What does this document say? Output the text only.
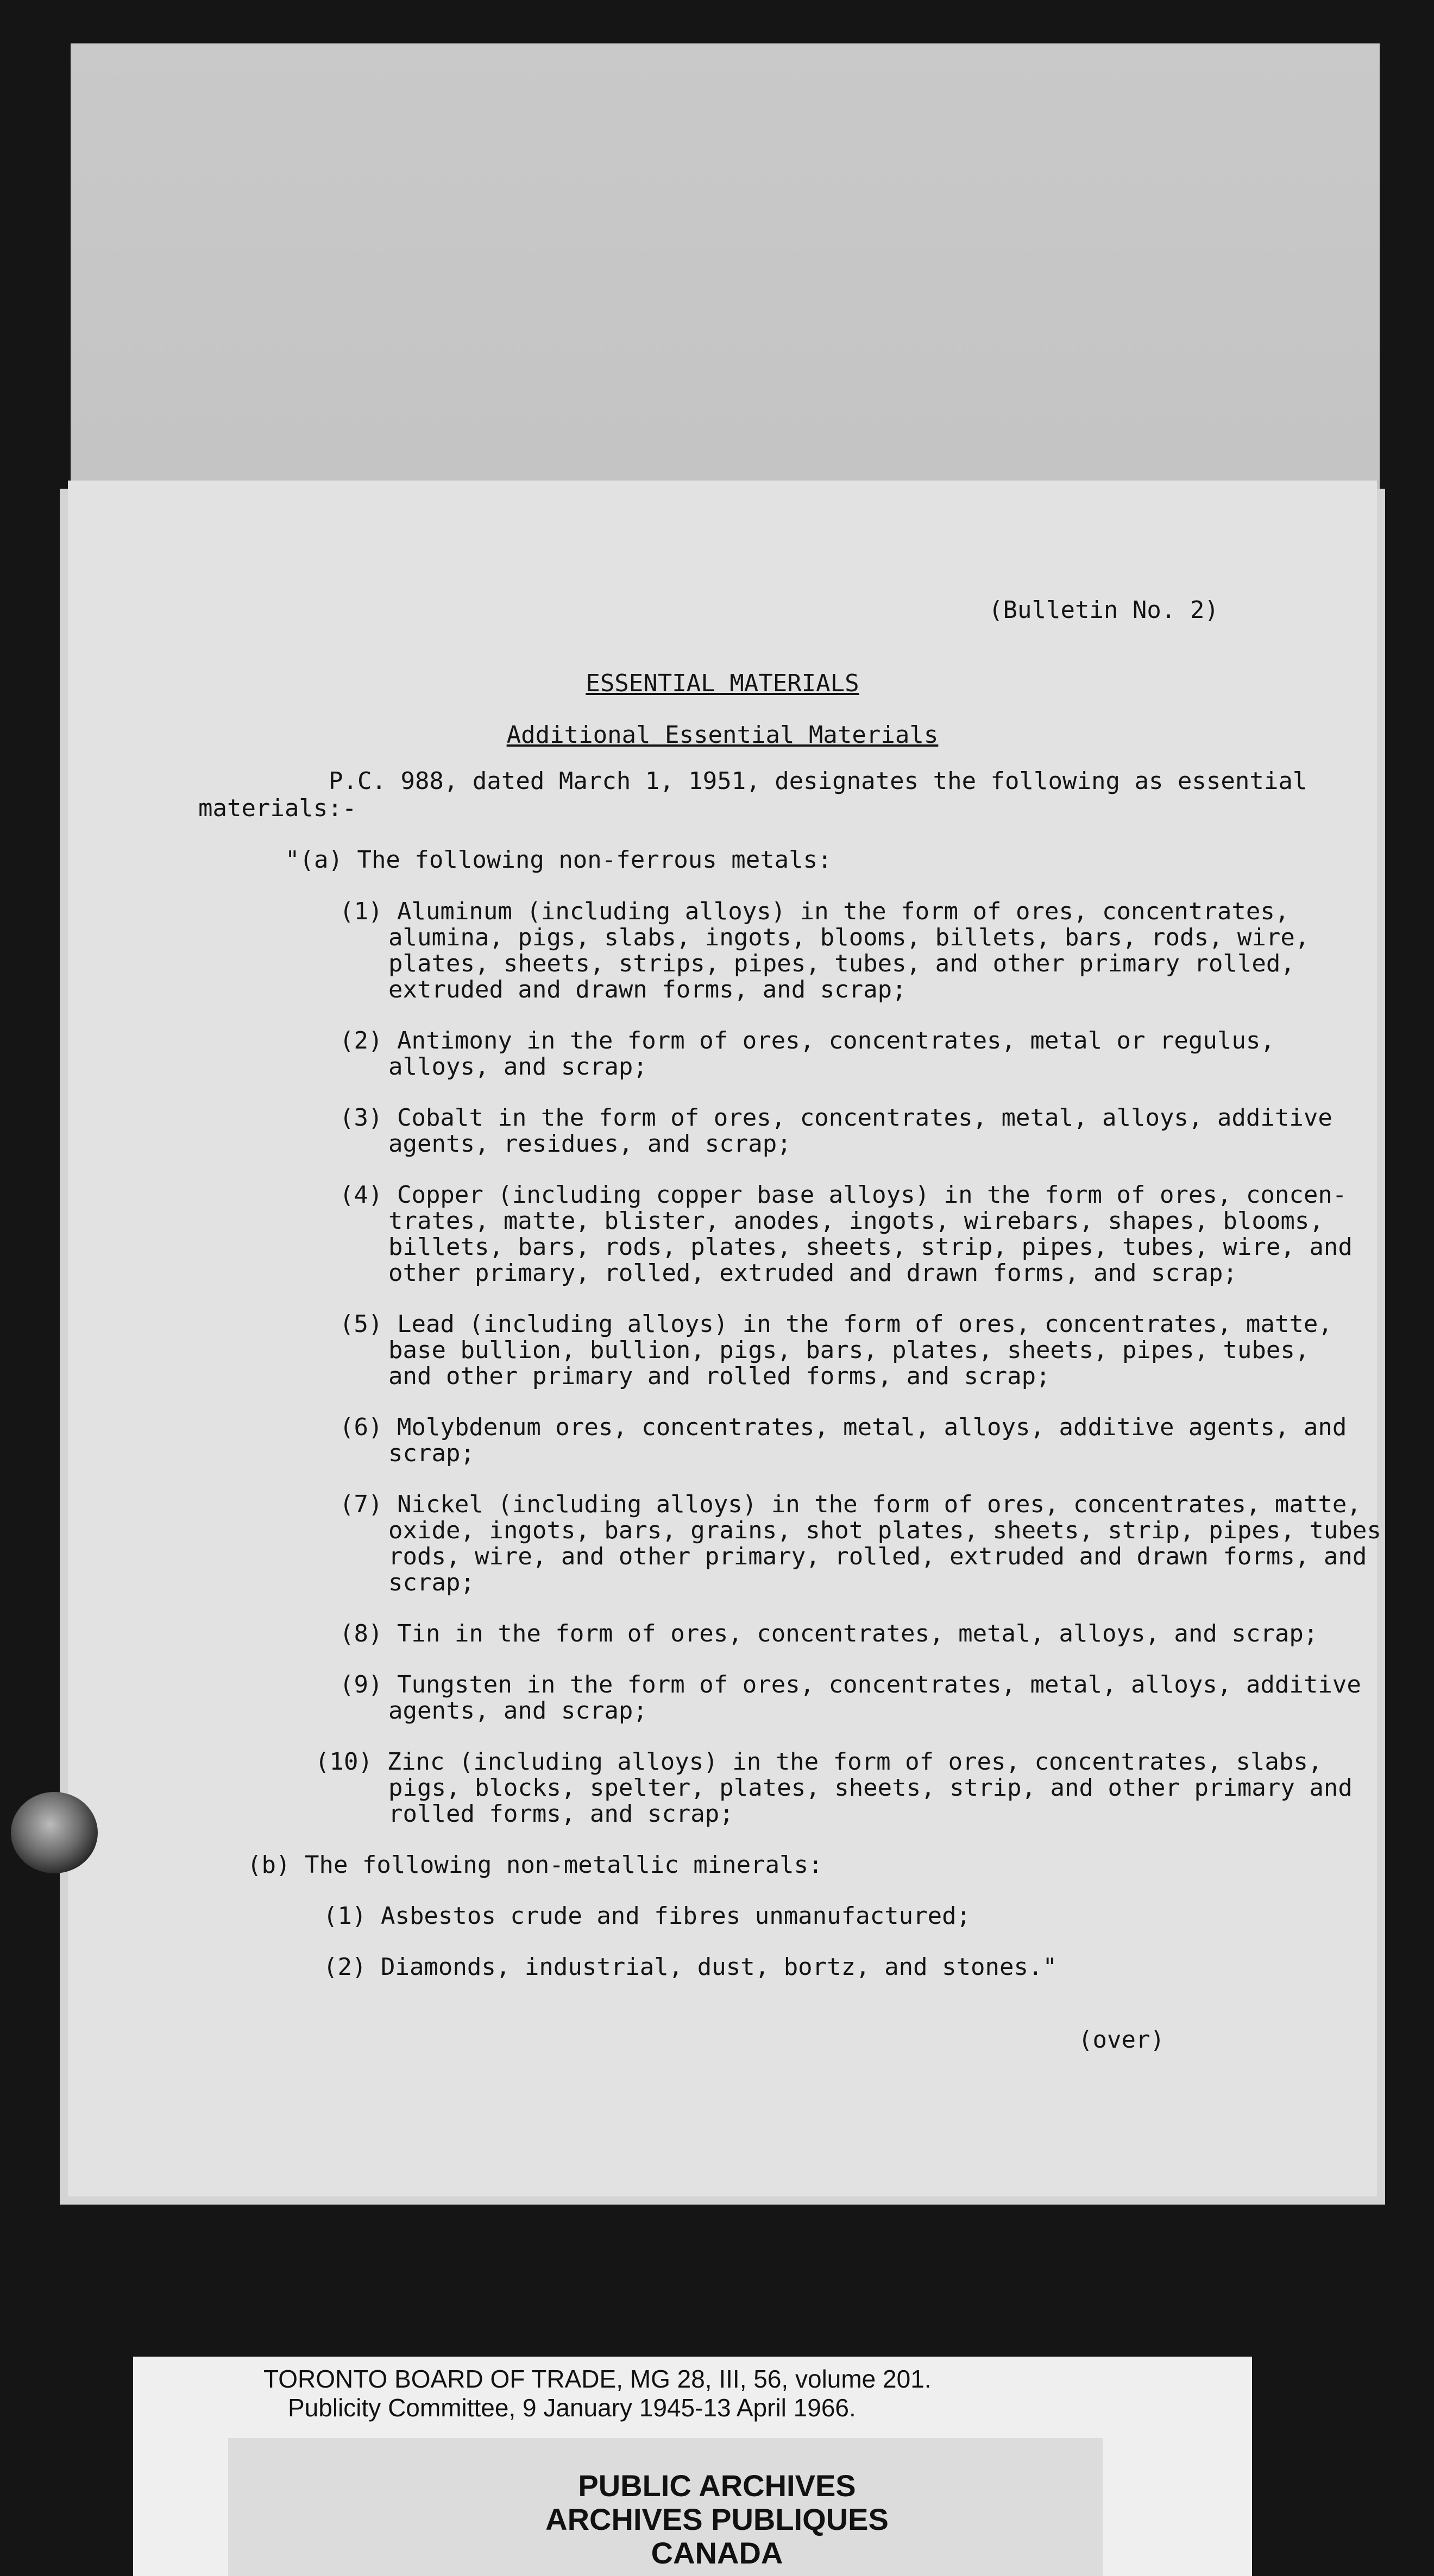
(Bulletin No. 2)
ESSENTIAL MATERIALS
Additional Essential Materials
P.C. 988, dated March 1, 1951, designates the following as essential
materials:-
"(a) The following non-ferrous metals:
(1) Aluminum (including alloys) in the form of ores, concentrates,
alumina, pigs, slabs, ingots, blooms, billets, bars, rods, wire,
plates, sheets, strips, pipes, tubes, and other primary rolled,
extruded and drawn forms, and scrap;
(2) Antimony in the form of ores, concentrates, metal or regulus,
alloys, and scrap;
(3) Cobalt in the form of ores, concentrates, metal, alloys, additive
agents, residues, and scrap;
(4) Copper (including copper base alloys) in the form of ores, concen-
trates, matte, blister, anodes, ingots, wirebars, shapes, blooms,
billets, bars, rods, plates, sheets, strip, pipes, tubes, wire, and
other primary, rolled, extruded and drawn forms, and scrap;
(5) Lead (including alloys) in the form of ores, concentrates, matte,
base bullion, bullion, pigs, bars, plates, sheets, pipes, tubes,
and other primary and rolled forms, and scrap;
(6) Molybdenum ores, concentrates, metal, alloys, additive agents, and
scrap;
(7) Nickel (including alloys) in the form of ores, concentrates, matte,
oxide, ingots, bars, grains, shot plates, sheets, strip, pipes, tubes,
rods, wire, and other primary, rolled, extruded and drawn forms, and
scrap;
(8) Tin in the form of ores, concentrates, metal, alloys, and scrap;
(9) Tungsten in the form of ores, concentrates, metal, alloys, additive
agents, and scrap;
(10) Zinc (including alloys) in the form of ores, concentrates, slabs,
pigs, blocks, spelter, plates, sheets, strip, and other primary and
rolled forms, and scrap;
(b) The following non-metallic minerals:
(1) Asbestos crude and fibres unmanufactured;
(2) Diamonds, industrial, dust, bortz, and stones."
(over)
TORONTO BOARD OF TRADE, MG 28, III, 56, volume 201.
Publicity Committee, 9 January 1945-13 April 1966.
PUBLIC ARCHIVES
ARCHIVES PUBLIQUES
CANADA
